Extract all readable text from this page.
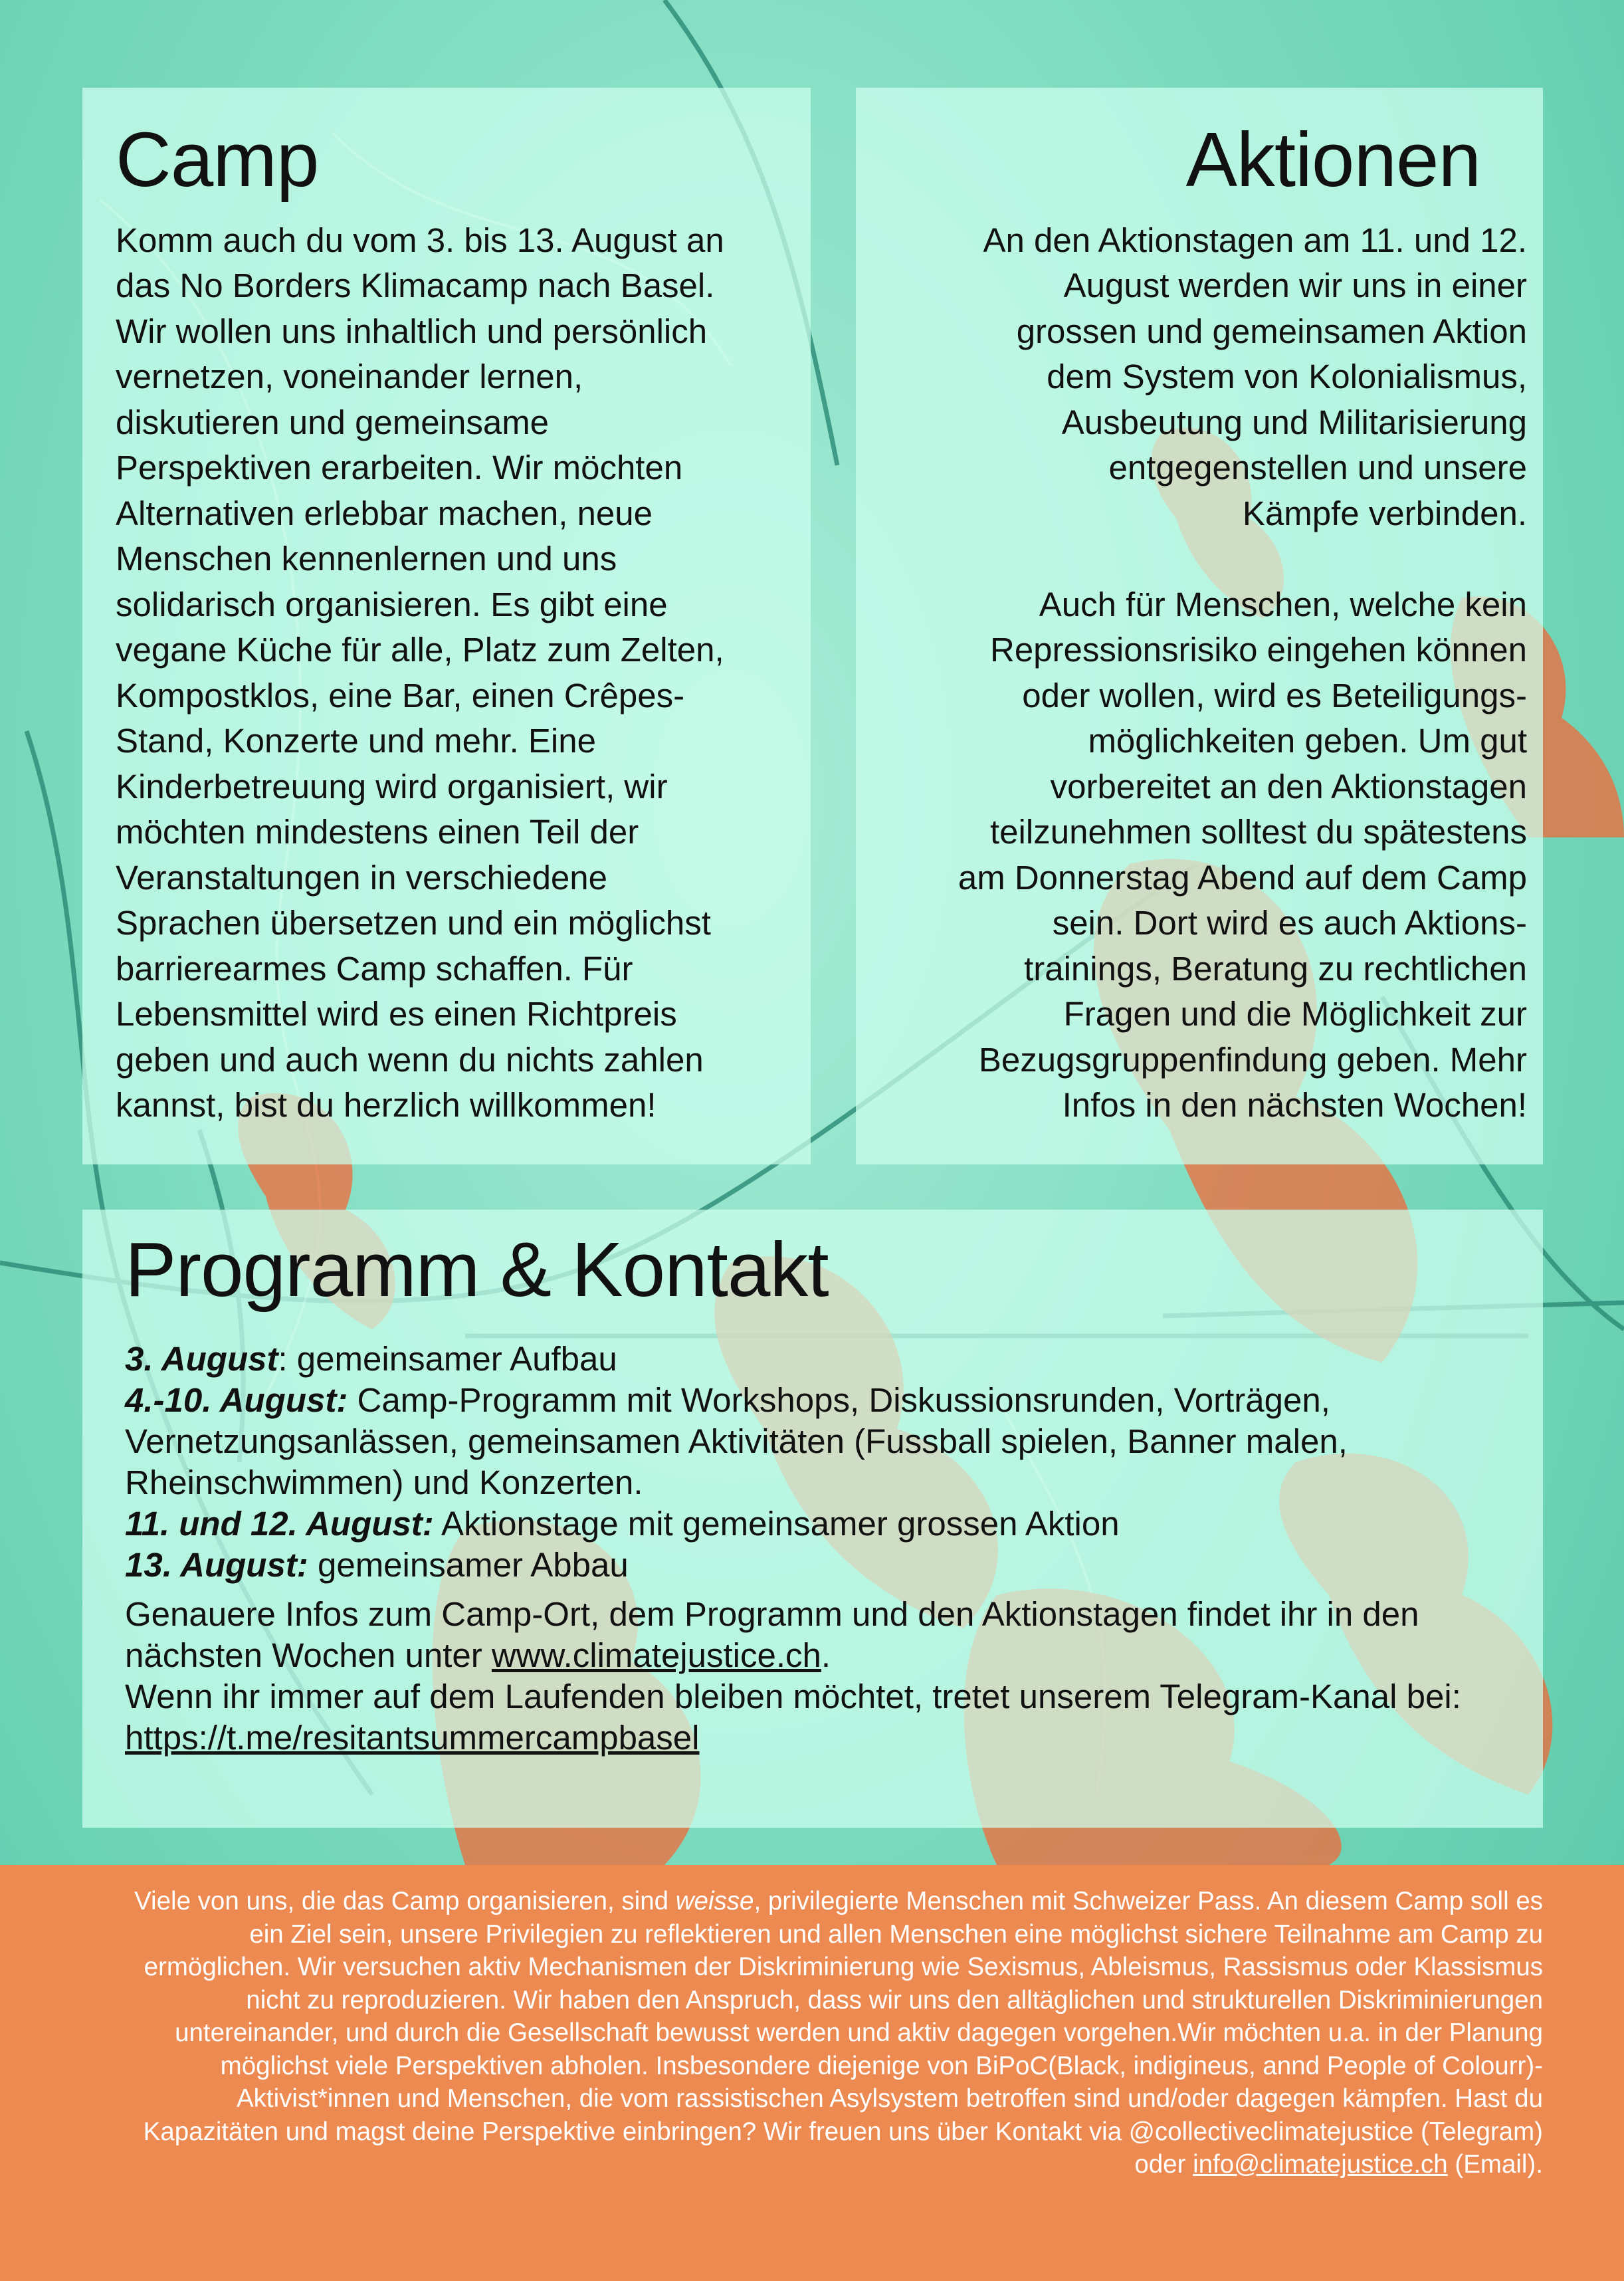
Camp

Komm auch du vom 3. bis 13. August an
das No Borders Klimacamp nach Basel.
Wir wollen uns inhaltlich und persönlich
vernetzen, voneinander lernen,
diskutieren und gemeinsame
Perspektiven erarbeiten. Wir möchten
Alternativen erlebbar machen, neue
Menschen kennenlernen und uns
solidarisch organisieren. Es gibt eine
vegane Küche für alle, Platz zum Zelten,
Kompostklos, eine Bar, einen Crêpes-
Stand, Konzerte und mehr. Eine
Kinderbetreuung wird organisiert, wir
möchten mindestens einen Teil der
Veranstaltungen in verschiedene
Sprachen übersetzen und ein möglichst
barrierearmes Camp schaffen. Für
Lebensmittel wird es einen Richtpreis
geben und auch wenn du nichts zahlen
kannst, bist du herzlich willkommen!

Aktionen

An den Aktionstagen am 11. und 12.
August werden wir uns in einer
grossen und gemeinsamen Aktion
dem System von Kolonialismus,
Ausbeutung und Militarisierung
entgegenstellen und unsere
Kämpfe verbinden.

Auch für Menschen, welche kein
Repressionsrisiko eingehen können
oder wollen, wird es Beteiligungs-
möglichkeiten geben. Um gut
vorbereitet an den Aktionstagen
teilzunehmen solltest du spätestens
am Donnerstag Abend auf dem Camp
sein. Dort wird es auch Aktions-
trainings, Beratung zu rechtlichen
Fragen und die Möglichkeit zur
Bezugsgruppenfindung geben. Mehr
Infos in den nächsten Wochen!

Programm & Kontakt

3. August: gemeinsamer Aufbau

4.-10. August: Camp-Programm mit Workshops, Diskussionsrunden, Vorträgen, Vernetzungsanlässen, gemeinsamen Aktivitäten (Fussball spielen, Banner malen, Rheinschwimmen) und Konzerten.

11. und 12. August: Aktionstage mit gemeinsamer grossen Aktion

13. August: gemeinsamer Abbau

Genauere Infos zum Camp-Ort, dem Programm und den Aktionstagen findet ihr in den nächsten Wochen unter www.climatejustice.ch.

Wenn ihr immer auf dem Laufenden bleiben möchtet, tretet unserem Telegram-Kanal bei: https://t.me/resitantsummercampbasel

Viele von uns, die das Camp organisieren, sind weisse, privilegierte Menschen mit Schweizer Pass. An diesem Camp soll es ein Ziel sein, unsere Privilegien zu reflektieren und allen Menschen eine möglichst sichere Teilnahme am Camp zu ermöglichen. Wir versuchen aktiv Mechanismen der Diskriminierung wie Sexismus, Ableismus, Rassismus oder Klassismus nicht zu reproduzieren. Wir haben den Anspruch, dass wir uns den alltäglichen und strukturellen Diskriminierungen untereinander, und durch die Gesellschaft bewusst werden und aktiv dagegen vorgehen.Wir möchten u.a. in der Planung möglichst viele Perspektiven abholen. Insbesondere diejenige von BiPoC(Black, indigineus, annd People of Colourr)-Aktivist*innen und Menschen, die vom rassistischen Asylsystem betroffen sind und/oder dagegen kämpfen. Hast du Kapazitäten und magst deine Perspektive einbringen? Wir freuen uns über Kontakt via @collectiveclimatejustice (Telegram) oder info@climatejustice.ch (Email).
